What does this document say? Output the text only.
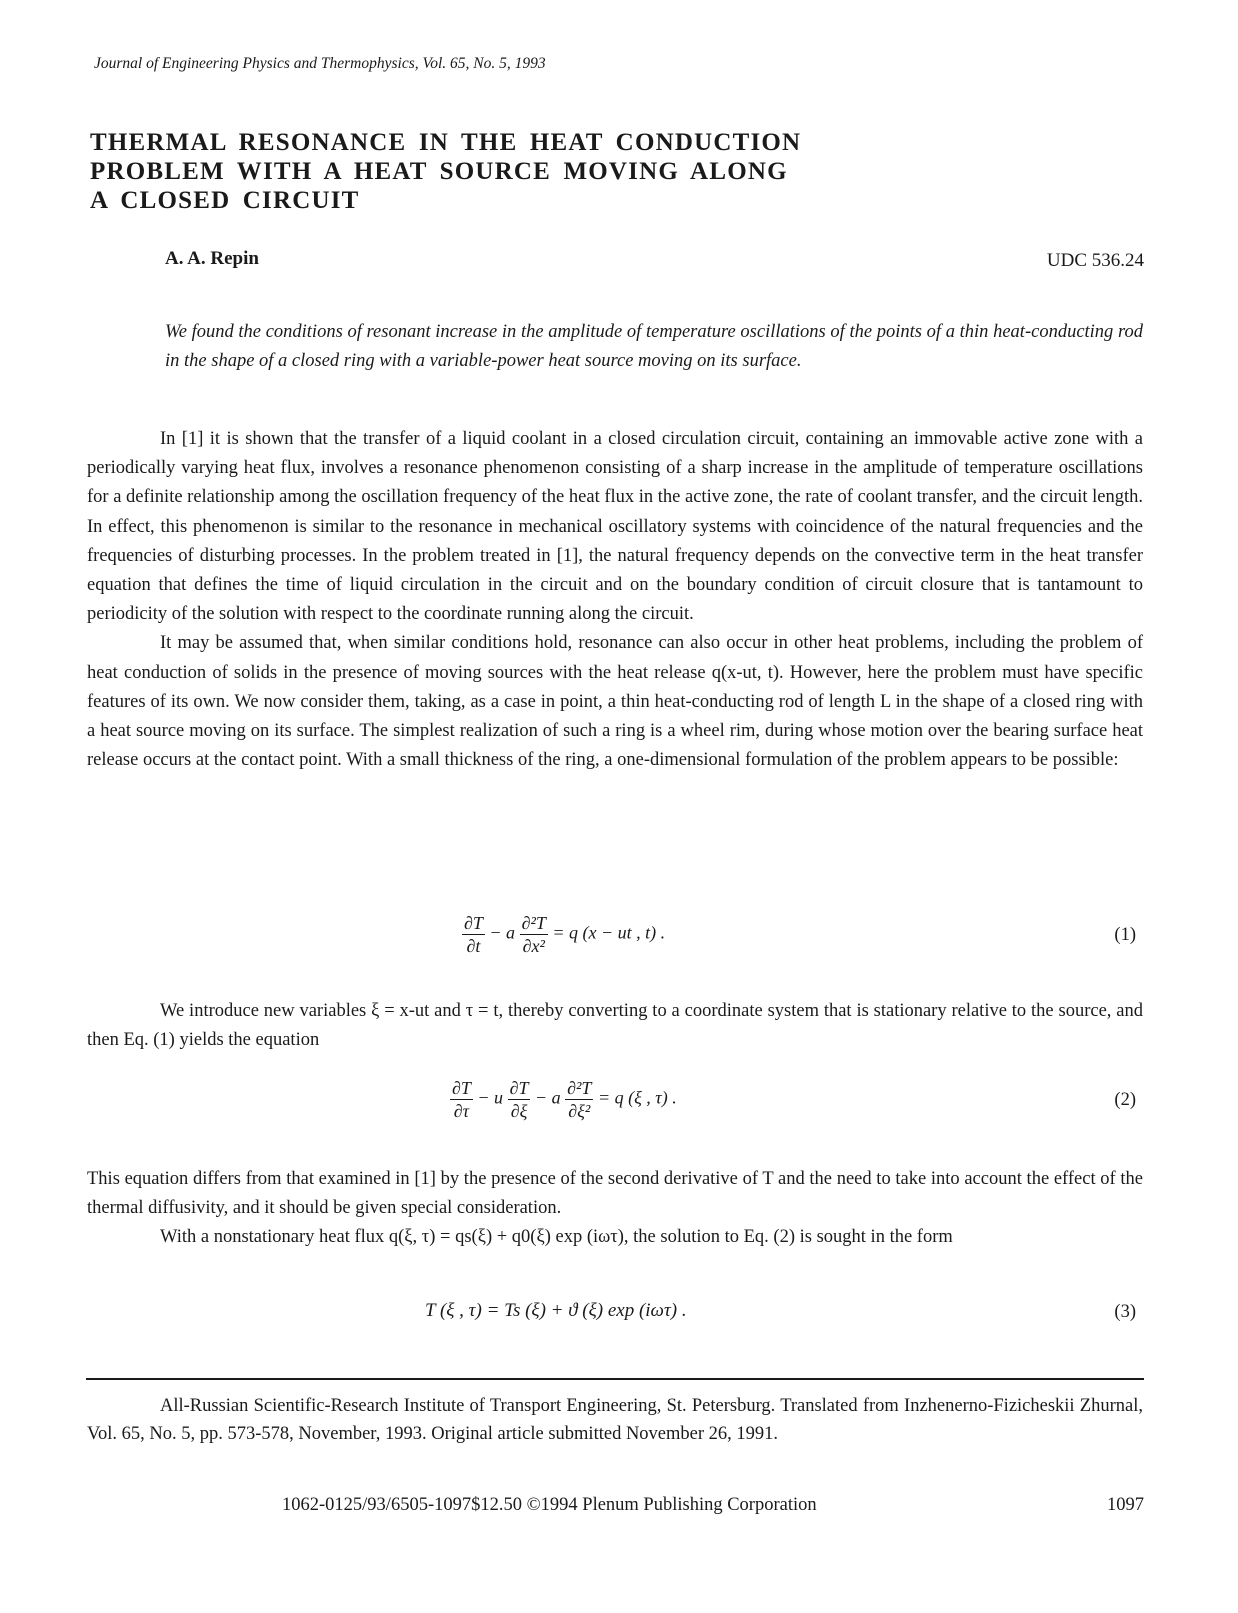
Journal of Engineering Physics and Thermophysics, Vol. 65, No. 5, 1993
THERMAL RESONANCE IN THE HEAT CONDUCTION
PROBLEM WITH A HEAT SOURCE MOVING ALONG
A CLOSED CIRCUIT
A. A. Repin	UDC 536.24
We found the conditions of resonant increase in the amplitude of temperature oscillations of the points of a thin heat-conducting rod in the shape of a closed ring with a variable-power heat source moving on its surface.

In [1] it is shown that the transfer of a liquid coolant in a closed circulation circuit, containing an immovable active zone with a periodically varying heat flux, involves a resonance phenomenon consisting of a sharp increase in the amplitude of temperature oscillations for a definite relationship among the oscillation frequency of the heat flux in the active zone, the rate of coolant transfer, and the circuit length. In effect, this phenomenon is similar to the resonance in mechanical oscillatory systems with coincidence of the natural frequencies and the frequencies of disturbing processes. In the problem treated in [1], the natural frequency depends on the convective term in the heat transfer equation that defines the time of liquid circulation in the circuit and on the boundary condition of circuit closure that is tantamount to periodicity of the solution with respect to the coordinate running along the circuit.

It may be assumed that, when similar conditions hold, resonance can also occur in other heat problems, including the problem of heat conduction of solids in the presence of moving sources with the heat release q(x-ut, t). However, here the problem must have specific features of its own. We now consider them, taking, as a case in point, a thin heat-conducting rod of length L in the shape of a closed ring with a heat source moving on its surface. The simplest realization of such a ring is a wheel rim, during whose motion over the bearing surface heat release occurs at the contact point. With a small thickness of the ring, a one-dimensional formulation of the problem appears to be possible:

$\frac{\partial T}{\partial t} - a \frac{\text{∂²T}}{\text{∂x²}} = q$ (x − ut , t) .	(1)

We introduce new variables ξ = x-ut and τ = t, thereby converting to a coordinate system that is stationary relative to the source, and then Eq. (1) yields the equation

$\frac{\partial T}{\partial\tau} - u \frac{\partial T}{\partial\xi} - a \frac{\text{∂²T}}{\text{∂ξ²}} = q$ (ξ , τ) .	(2)

This equation differs from that examined in [1] by the presence of the second derivative of T and the need to take into account the effect of the thermal diffusivity, and it should be given special consideration.

With a nonstationary heat flux q(ξ, τ) = qs(ξ) + q0(ξ) exp (iωτ), the solution to Eq. (2) is sought in the form

T (ξ , τ) = Ts (ξ) + ϑ (ξ) exp (iωτ) .	(3)

All-Russian Scientific-Research Institute of Transport Engineering, St. Petersburg. Translated from Inzhenerno-Fizicheskii Zhurnal, Vol. 65, No. 5, pp. 573-578, November, 1993. Original article submitted November 26, 1991.

1062-0125/93/6505-1097$12.50 ©1994 Plenum Publishing Corporation	1097
